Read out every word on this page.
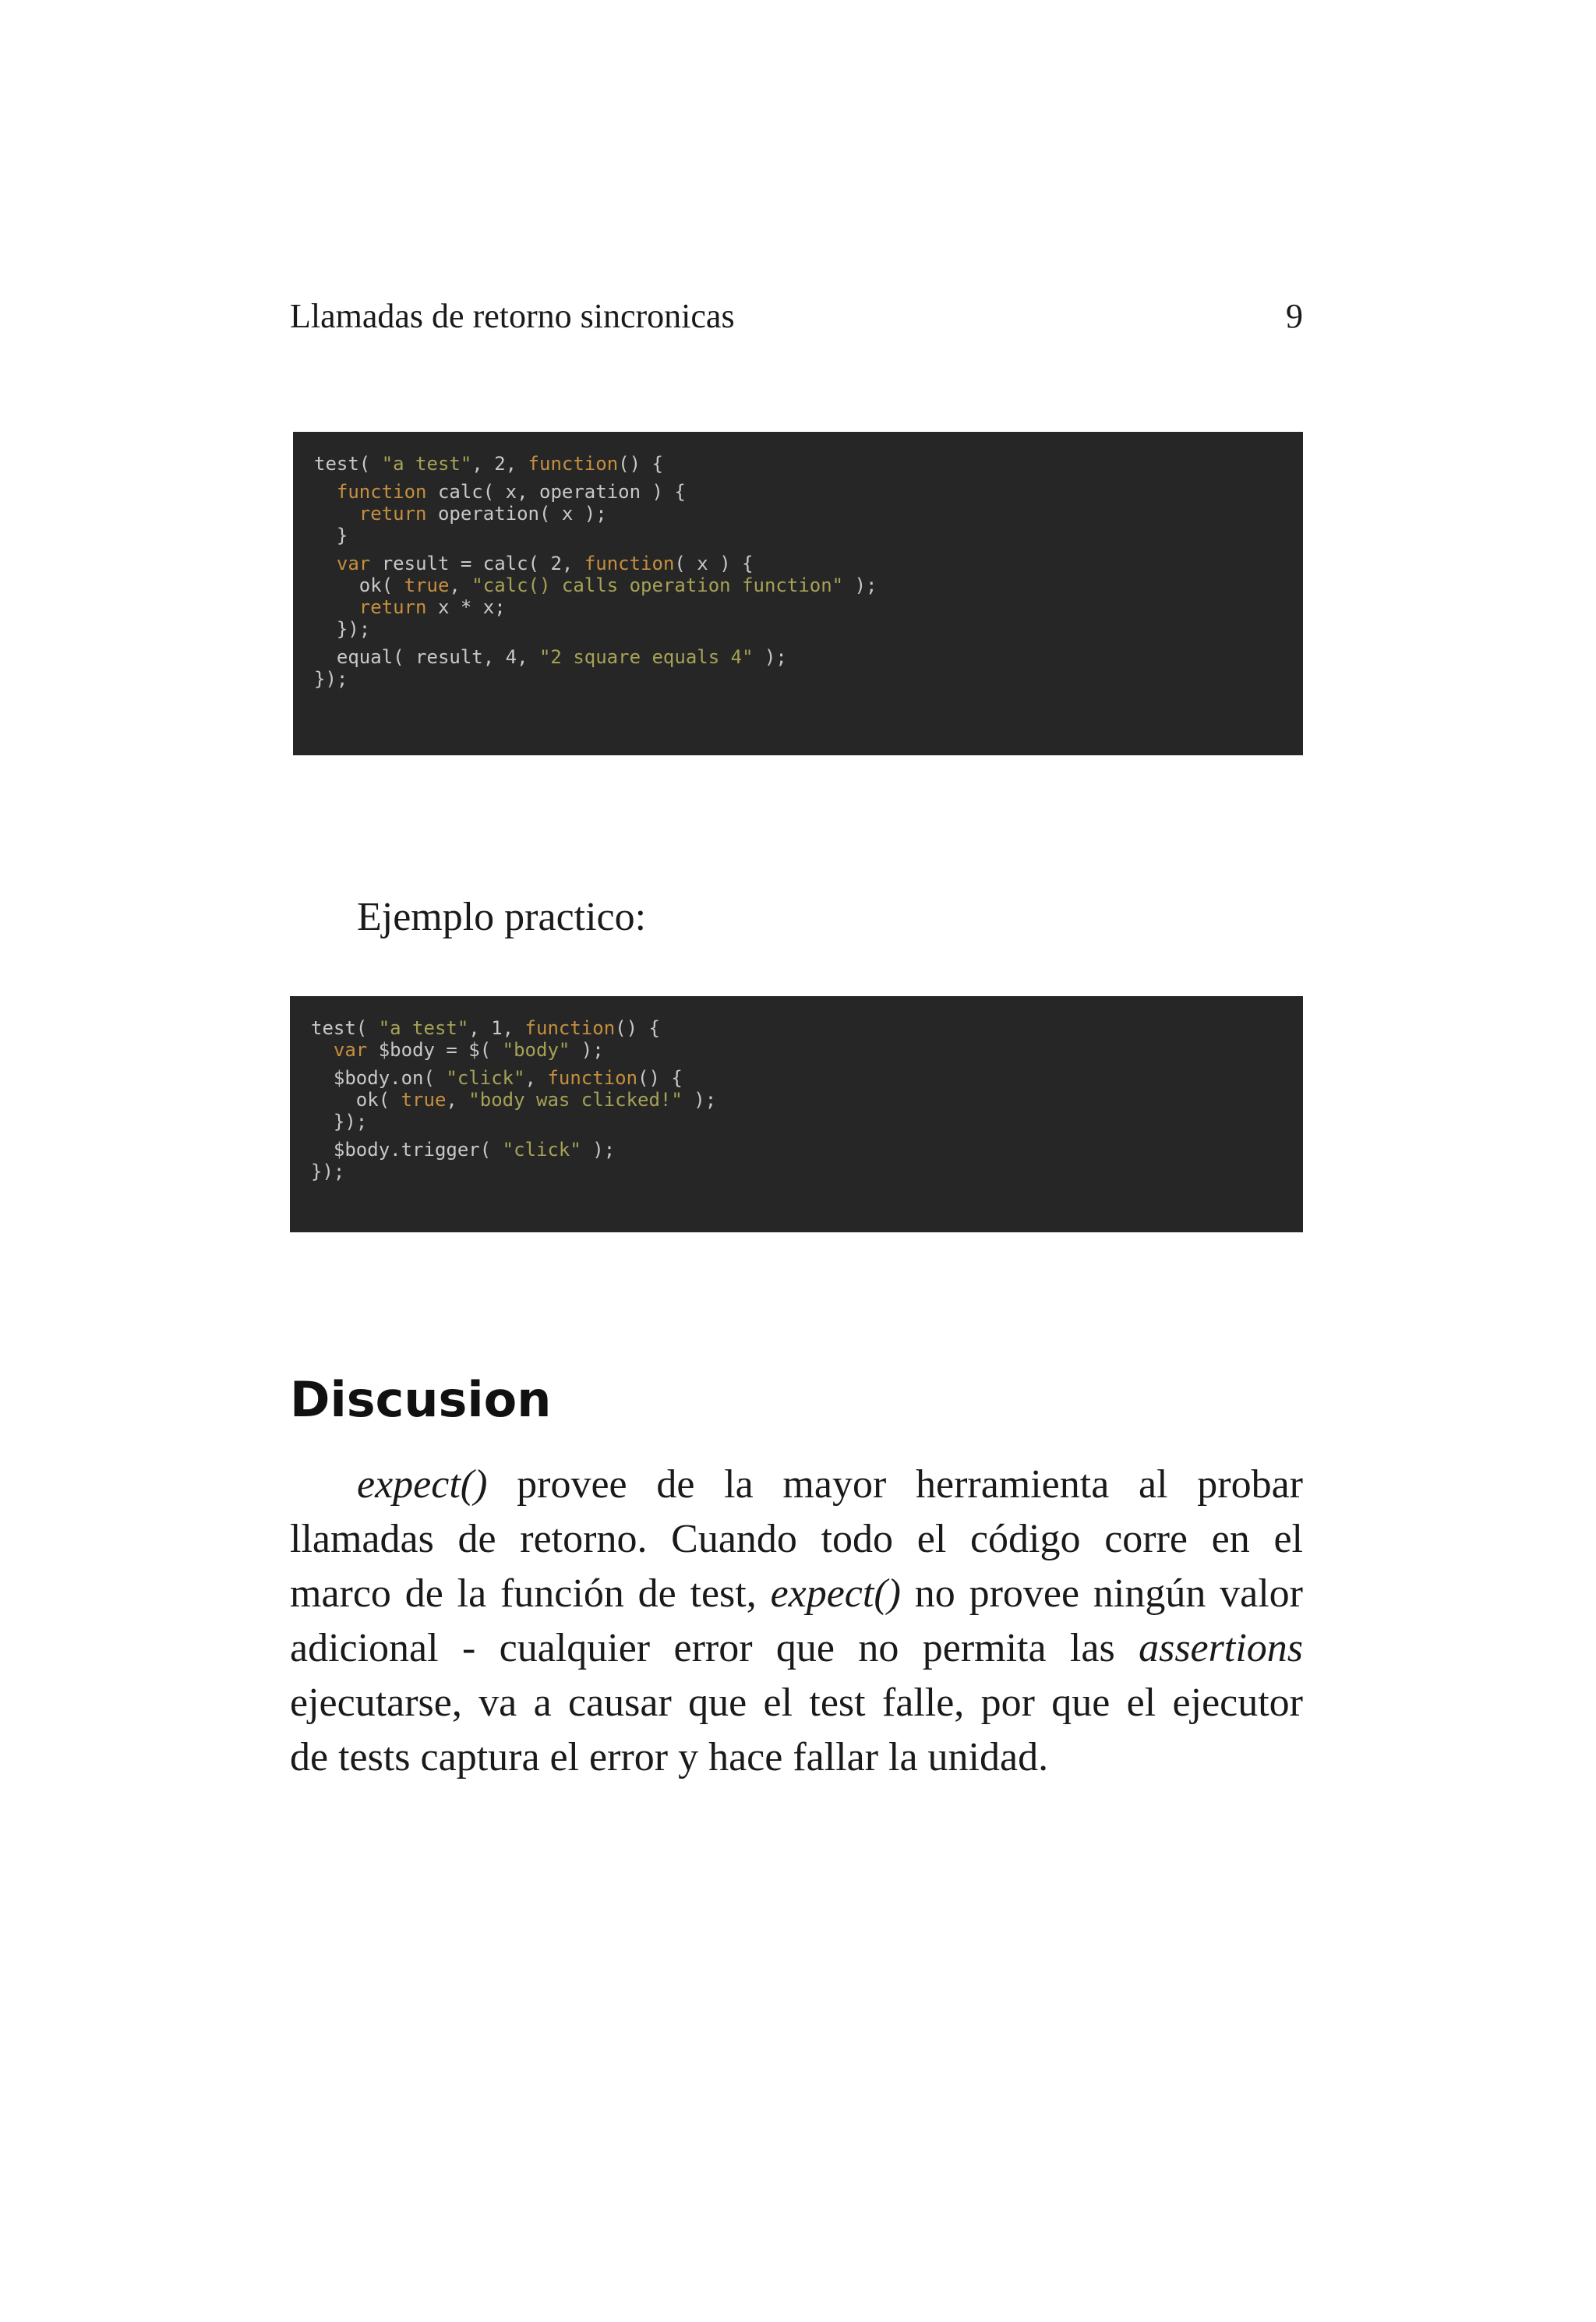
Llamadas de retorno sincronicas	9
test( "a test", 2, function() {
function calc( x, operation ) {
return operation( x );
}
var result = calc( 2, function( x ) {
ok( true, "calc() calls operation function" );
return x * x;
});
equal( result, 4, "2 square equals 4" );
});
Ejemplo practico:
test( "a test", 1, function() {
var $body = $( "body" );
$body.on( "click", function() {
ok( true, "body was clicked!" );
});
$body.trigger( "click" );
});
Discusion
expect() provee de la mayor herramienta al probar
llamadas de retorno. Cuando todo el código corre en el
marco de la función de test, expect() no provee ningún valor
adicional - cualquier error que no permita las assertions
ejecutarse, va a causar que el test falle, por que el ejecutor
de tests captura el error y hace fallar la unidad.
